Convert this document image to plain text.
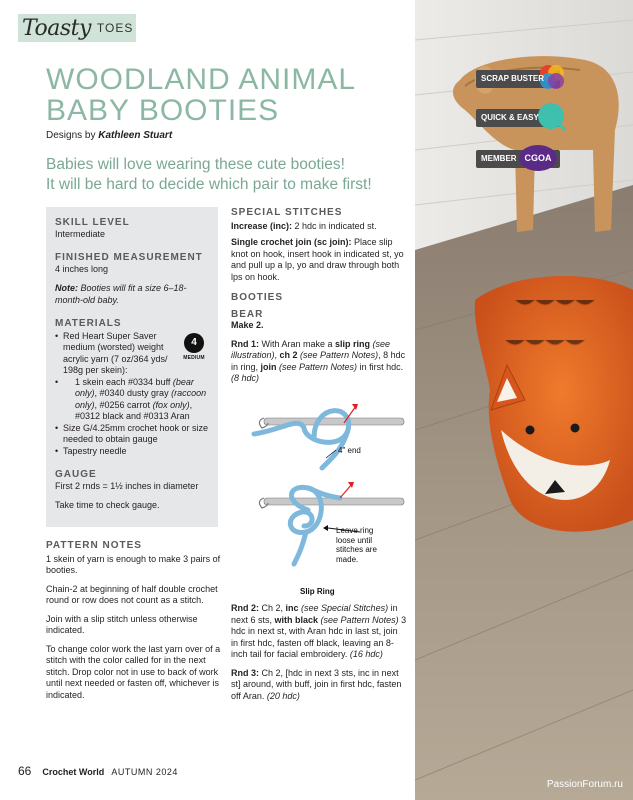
Toasty TOES
WOODLAND ANIMAL
BABY BOOTIES
Designs by Kathleen Stuart
Babies will love wearing these cute booties!
It will be hard to decide which pair to make first!
SKILL LEVEL
Intermediate
FINISHED MEASUREMENT
4 inches long
Note: Booties will fit a size 6–18-month-old baby.
MATERIALS
• Red Heart Super Saver medium (worsted) weight acrylic yarn (7 oz/364 yds/ 198g per skein):
• 1 skein each #0334 buff (bear only), #0340 dusty gray (raccoon only), #0256 carrot (fox only), #0312 black and #0313 Aran
• Size G/4.25mm crochet hook or size needed to obtain gauge
• Tapestry needle
GAUGE
First 2 rnds = 1½ inches in diameter
Take time to check gauge.
4
MEDIUM
PATTERN NOTES

1 skein of yarn is enough to make 3 pairs of booties.

Chain-2 at beginning of half double crochet round or row does not count as a stitch.

Join with a slip stitch unless otherwise indicated.

To change color work the last yarn over of a stitch with the color called for in the next stitch. Drop color not in use to back of work until next needed or fasten off, whichever is indicated.

SPECIAL STITCHES

Increase (inc): 2 hdc in indicated st.

Single crochet join (sc join): Place slip knot on hook, insert hook in indicated st, yo and pull up a lp, yo and draw through both lps on hook.

BOOTIES
BEAR
Make 2.

Rnd 1: With Aran make a slip ring (see illustration), ch 2 (see Pattern Notes), 8 hdc in ring, join (see Pattern Notes) in first hdc. (8 hdc)

4" end
Leave ring loose until stitches are made.
Slip Ring

Rnd 2: Ch 2, inc (see Special Stitches) in next 6 sts, with black (see Pattern Notes) 3 hdc in next st, with Aran hdc in last st, join in first hdc, fasten off black, leaving an 8-inch tail for facial embroidery. (16 hdc)

Rnd 3: Ch 2, [hdc in next 3 sts, inc in next st] around, with buff, join in first hdc, fasten off Aran. (20 hdc)

SCRAP BUSTER
QUICK & EASY
MEMBER CGOA
66 Crochet World AUTUMN 2024
PassionForum.ru
